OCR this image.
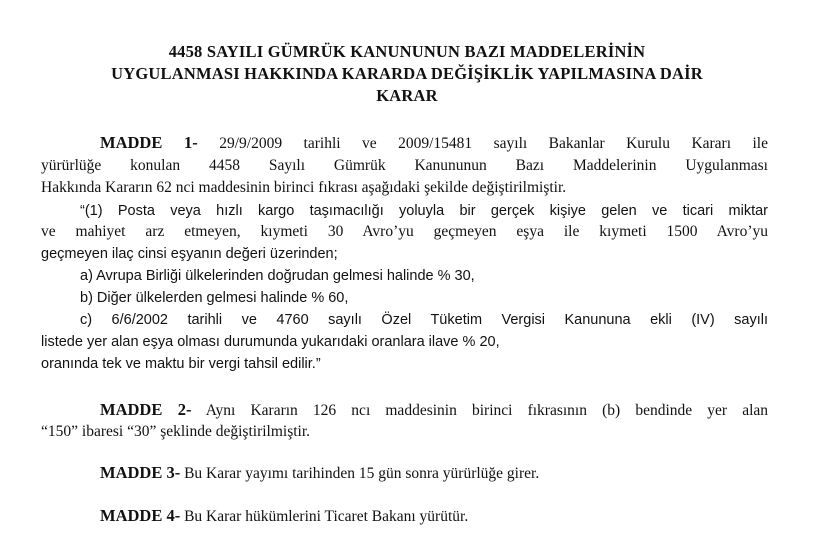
4458 SAYILI GÜMRÜK KANUNUNUN BAZI MADDELERİNİN
UYGULANMASI HAKKINDA KARARDA DEĞİŞİKLİK YAPILMASINA DAİR
KARAR
MADDE 1- 29/9/2009 tarihli ve 2009/15481 sayılı Bakanlar Kurulu Kararı ile
yürürlüğe konulan 4458 Sayılı Gümrük Kanununun Bazı Maddelerinin Uygulanması
Hakkında Kararın 62 nci maddesinin birinci fıkrası aşağıdaki şekilde değiştirilmiştir.
“(1) Posta veya hızlı kargo taşımacılığı yoluyla bir gerçek kişiye gelen ve ticari miktar
ve mahiyet arz etmeyen, kıymeti 30 Avro’yu geçmeyen eşya ile kıymeti 1500 Avro’yu
geçmeyen ilaç cinsi eşyanın değeri üzerinden;
a) Avrupa Birliği ülkelerinden doğrudan gelmesi halinde % 30,
b) Diğer ülkelerden gelmesi halinde % 60,
c) 6/6/2002 tarihli ve 4760 sayılı Özel Tüketim Vergisi Kanununa ekli (IV) sayılı
listede yer alan eşya olması durumunda yukarıdaki oranlara ilave % 20,
oranında tek ve maktu bir vergi tahsil edilir.”
MADDE 2- Aynı Kararın 126 ncı maddesinin birinci fıkrasının (b) bendinde yer alan
“150” ibaresi “30” şeklinde değiştirilmiştir.
MADDE 3- Bu Karar yayımı tarihinden 15 gün sonra yürürlüğe girer.
MADDE 4- Bu Karar hükümlerini Ticaret Bakanı yürütür.
